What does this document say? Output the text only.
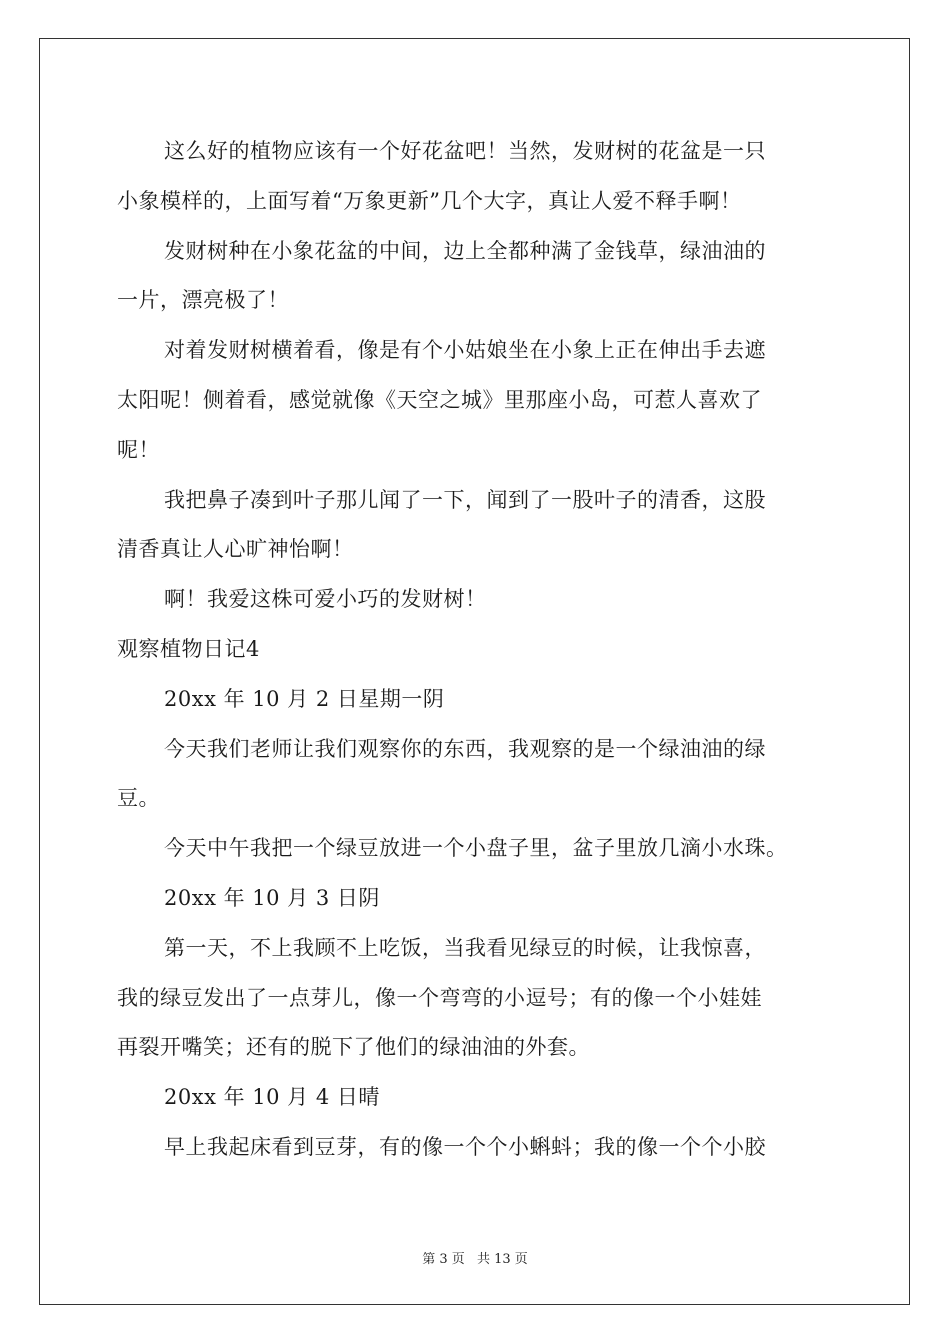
这么好的植物应该有一个好花盆吧！当然，发财树的花盆是一只
小象模样的，上面写着“万象更新”几个大字，真让人爱不释手啊！
发财树种在小象花盆的中间，边上全都种满了金钱草，绿油油的
一片，漂亮极了！
对着发财树横着看，像是有个小姑娘坐在小象上正在伸出手去遮
太阳呢！侧着看，感觉就像《天空之城》里那座小岛，可惹人喜欢了
呢！
我把鼻子凑到叶子那儿闻了一下，闻到了一股叶子的清香，这股
清香真让人心旷神怡啊！
啊！我爱这株可爱小巧的发财树！
观察植物日记4
20xx 年 10 月 2 日星期一阴
今天我们老师让我们观察你的东西，我观察的是一个绿油油的绿
豆。
今天中午我把一个绿豆放进一个小盘子里，盆子里放几滴小水珠。
20xx 年 10 月 3 日阴
第一天，不上我顾不上吃饭，当我看见绿豆的时候，让我惊喜，
我的绿豆发出了一点芽儿，像一个弯弯的小逗号；有的像一个小娃娃
再裂开嘴笑；还有的脱下了他们的绿油油的外套。
20xx 年 10 月 4 日晴
早上我起床看到豆芽，有的像一个个小蝌蚪；我的像一个个小胶
第 3 页 共 13 页
